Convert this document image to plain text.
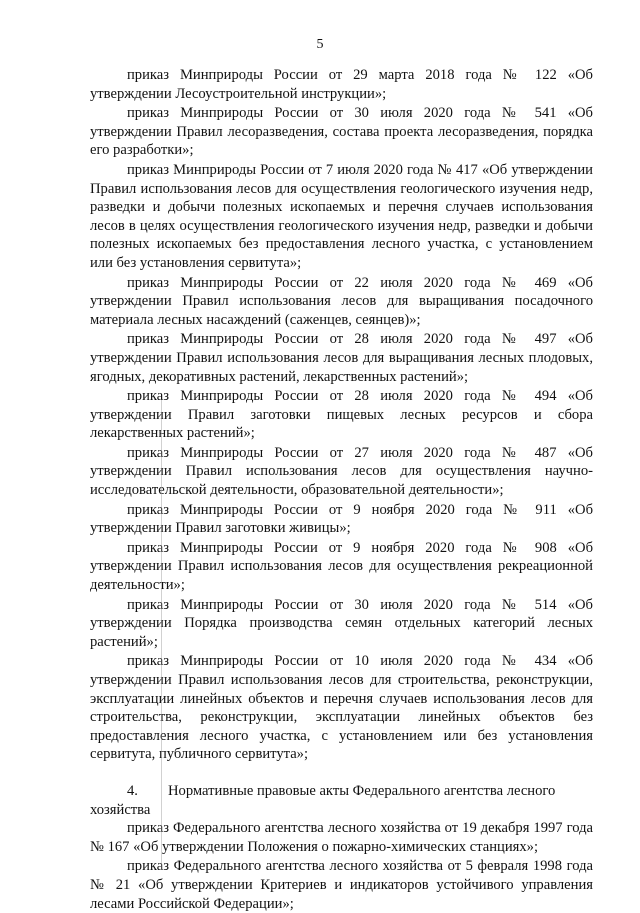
5

приказ Минприроды России от 29 марта 2018 года № 122 «Об утверждении Лесоустроительной инструкции»;

приказ Минприроды России от 30 июля 2020 года № 541 «Об утверждении Правил лесоразведения, состава проекта лесоразведения, порядка его разработки»;

приказ Минприроды России от 7 июля 2020 года № 417 «Об утверждении Правил использования лесов для осуществления геологического изучения недр, разведки и добычи полезных ископаемых и перечня случаев использования лесов в целях осуществления геологического изучения недр, разведки и добычи полезных ископаемых без предоставления лесного участка, с установлением или без установления сервитута»;

приказ Минприроды России от 22 июля 2020 года № 469 «Об утверждении Правил использования лесов для выращивания посадочного материала лесных насаждений (саженцев, сеянцев)»;

приказ Минприроды России от 28 июля 2020 года № 497 «Об утверждении Правил использования лесов для выращивания лесных плодовых, ягодных, декоративных растений, лекарственных растений»;

приказ Минприроды России от 28 июля 2020 года № 494 «Об утверждении Правил заготовки пищевых лесных ресурсов и сбора лекарственных растений»;

приказ Минприроды России от 27 июля 2020 года № 487 «Об утверждении Правил использования лесов для осуществления научно-исследовательской деятельности, образовательной деятельности»;

приказ Минприроды России от 9 ноября 2020 года № 911 «Об утверждении Правил заготовки живицы»;

приказ Минприроды России от 9 ноября 2020 года № 908 «Об утверждении Правил использования лесов для осуществления рекреационной деятельности»;

приказ Минприроды России от 30 июля 2020 года № 514 «Об утверждении Порядка производства семян отдельных категорий лесных растений»;

приказ Минприроды России от 10 июля 2020 года № 434 «Об утверждении Правил использования лесов для строительства, реконструкции, эксплуатации линейных объектов и перечня случаев использования лесов для строительства, реконструкции, эксплуатации линейных объектов без предоставления лесного участка, с установлением или без установления сервитута, публичного сервитута»;

4.	Нормативные правовые акты Федерального агентства лесного

хозяйства

приказ Федерального агентства лесного хозяйства от 19 декабря 1997 года № 167 «Об утверждении Положения о пожарно-химических станциях»;

приказ Федерального агентства лесного хозяйства от 5 февраля 1998 года № 21 «Об утверждении Критериев и индикаторов устойчивого управления лесами Российской Федерации»;
